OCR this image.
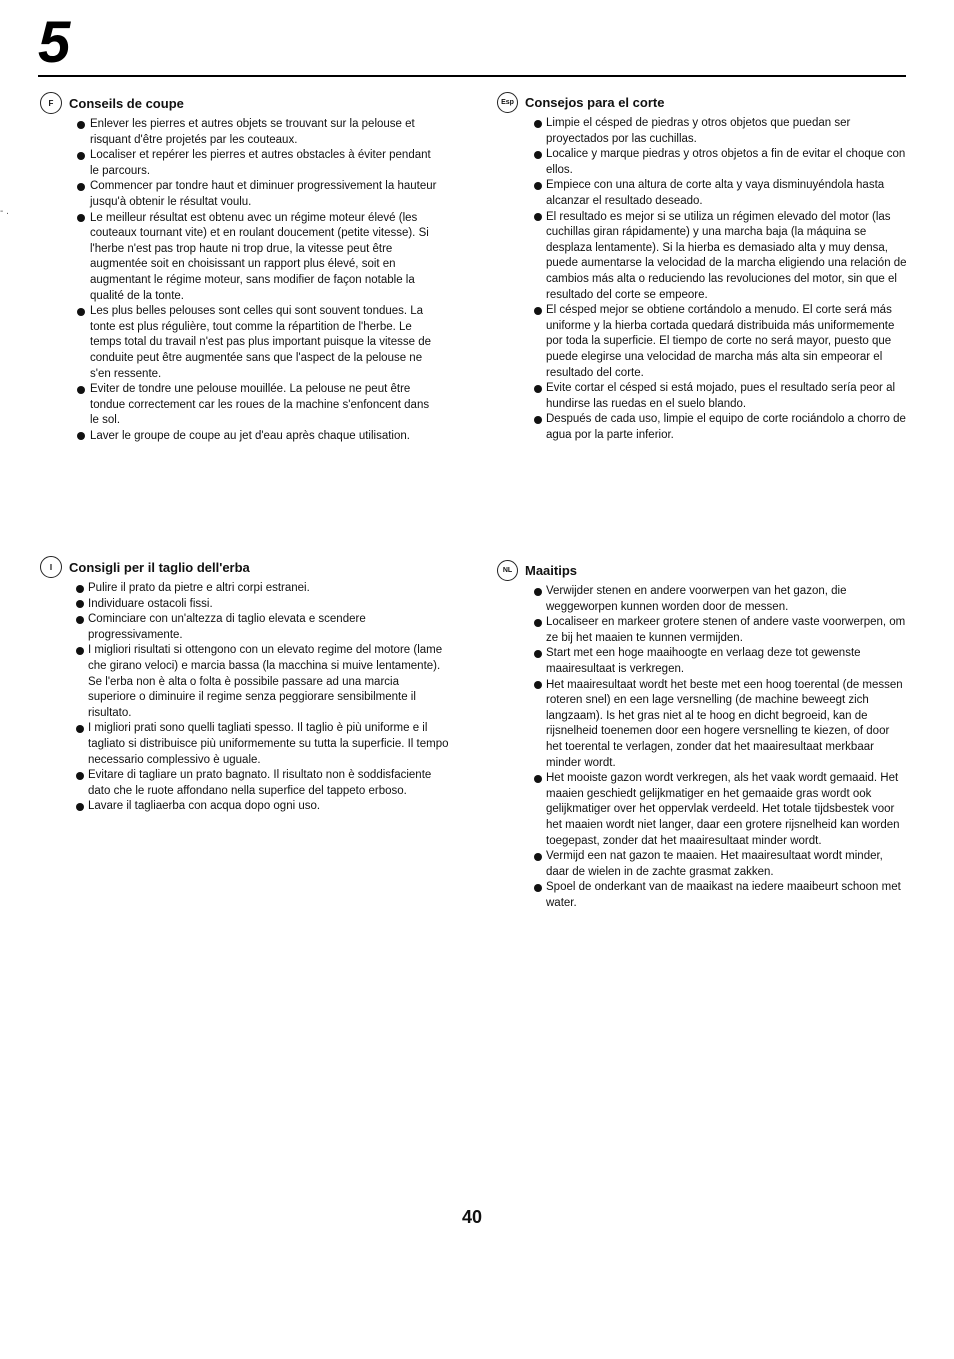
5
- .
F	Conseils de coupe
Enlever les pierres et autres objets se trouvant sur la pelouse et risquant d'être projetés par les couteaux.
Localiser et repérer les pierres et autres obstacles à éviter pendant le parcours.
Commencer par tondre haut et diminuer progressivement la hauteur jusqu'à obtenir le résultat voulu.
Le meilleur résultat est obtenu avec un régime moteur élevé (les couteaux tournant vite) et en roulant doucement (petite vitesse). Si l'herbe n'est pas trop haute ni trop drue, la vitesse peut être augmentée soit en choisissant un rapport plus élevé, soit en augmentant le régime moteur, sans modifier de façon notable la qualité de la tonte.
Les plus belles pelouses sont celles qui sont souvent tondues. La tonte est plus régulière, tout comme la répartition de l'herbe. Le temps total du travail n'est pas plus important puisque la vitesse de conduite peut être augmentée sans que l'aspect de la pelouse ne s'en ressente.
Eviter de tondre une pelouse mouillée. La pelouse ne peut être tondue correctement car les roues de la machine s'enfoncent dans le sol.
Laver le groupe de coupe au jet d'eau après chaque utilisation.
Esp Consejos para el corte
Limpie el césped de piedras y otros objetos que puedan ser proyectados por las cuchillas.
Localice y marque piedras y otros objetos a fin de evitar el choque con ellos.
Empiece con una altura de corte alta y vaya disminuyéndola hasta alcanzar el resultado deseado.
El resultado es mejor si se utiliza un régimen elevado del motor (las cuchillas giran rápidamente) y una marcha baja (la máquina se desplaza lentamente). Si la hierba es demasiado alta y muy densa, puede aumentarse la velocidad de la marcha eligiendo una relación de cambios más alta o reduciendo las revoluciones del motor, sin que el resultado del corte se empeore.
El césped mejor se obtiene cortándolo a menudo. El corte será más uniforme y la hierba cortada quedará distribuida más uniformemente por toda la superficie. El tiempo de corte no será mayor, puesto que puede elegirse una velocidad de marcha más alta sin empeorar el resultado del corte.
Evite cortar el césped si está mojado, pues el resultado sería peor al hundirse las ruedas en el suelo blando.
Después de cada uso, limpie el equipo de corte rociándolo a chorro de agua por la parte inferior.
I	Consigli per il taglio dell'erba
Pulire il prato da pietre e altri corpi estranei.
Individuare ostacoli fissi.
Cominciare con un'altezza di taglio elevata e scendere progressivamente.
I migliori risultati si ottengono con un elevato regime del motore (lame che girano veloci) e marcia bassa (la macchina si muive lentamente). Se l'erba non è alta o folta è possibile passare ad una marcia superiore o diminuire il regime senza peggiorare sensibilmente il risultato.
I migliori prati sono quelli tagliati spesso. Il taglio è più uniforme e il tagliato si distribuisce più uniformemente su tutta la superficie. Il tempo necessario complessivo è uguale.
Evitare di tagliare un prato bagnato. Il risultato non è soddisfaciente dato che le ruote affondano nella superfice del tappeto erboso.
Lavare il tagliaerba con acqua dopo ogni uso.
NL Maaitips
Verwijder stenen en andere voorwerpen van het gazon, die weggeworpen kunnen worden door de messen.
Localiseer en markeer grotere stenen of andere vaste voorwerpen, om ze bij het maaien te kunnen vermijden.
Start met een hoge maaihoogte en verlaag deze tot gewenste maairesultaat is verkregen.
Het maairesultaat wordt het beste met een hoog toerental (de messen roteren snel) en een lage versnelling (de machine beweegt zich langzaam). Is het gras niet al te hoog en dicht begroeid, kan de rijsnelheid toenemen door een hogere versnelling te kiezen, of door het toerental te verlagen, zonder dat het maairesultaat merkbaar minder wordt.
Het mooiste gazon wordt verkregen, als het vaak wordt gemaaid. Het maaien geschiedt gelijkmatiger en het gemaaide gras wordt ook gelijkmatiger over het oppervlak verdeeld. Het totale tijdsbestek voor het maaien wordt niet langer, daar een grotere rijsnelheid kan worden toegepast, zonder dat het maairesultaat minder wordt.
Vermijd een nat gazon te maaien. Het maairesultaat wordt minder, daar de wielen in de zachte grasmat zakken.
Spoel de onderkant van de maaikast na iedere maaibeurt schoon met water.
40
